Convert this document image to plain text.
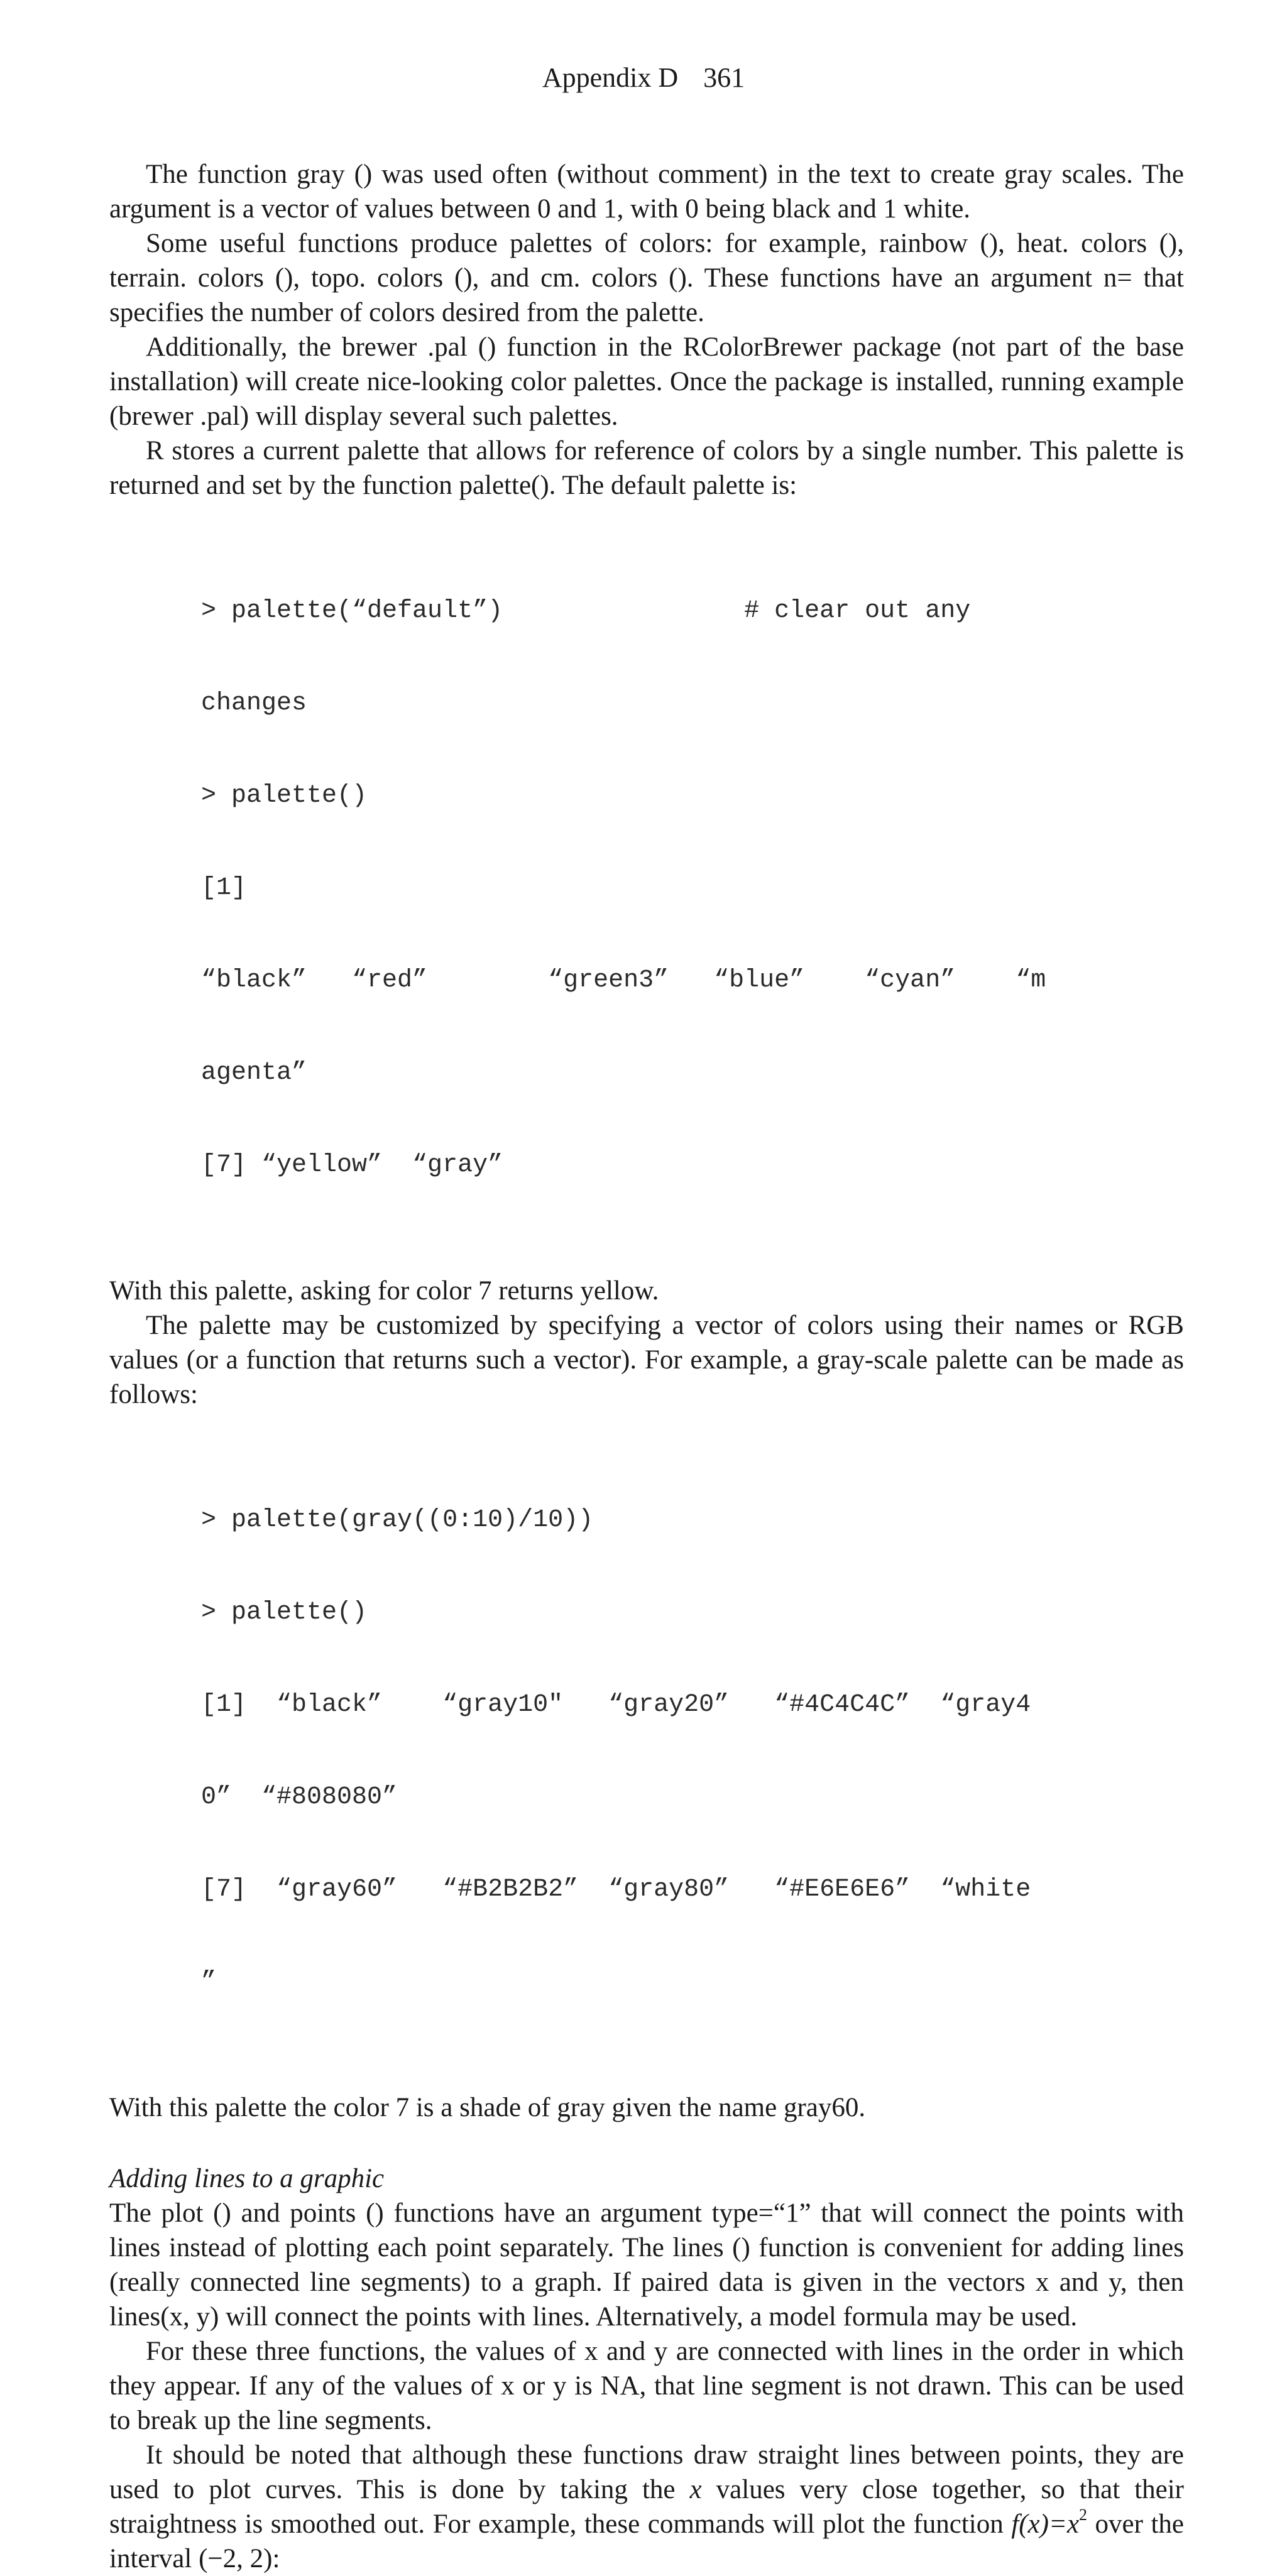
Appendix D 361

The function gray () was used often (without comment) in the text to create gray scales. The argument is a vector of values between 0 and 1, with 0 being black and 1 white.

Some useful functions produce palettes of colors: for example, rainbow (), heat. colors (), terrain. colors (), topo. colors (), and cm. colors (). These functions have an argument n= that specifies the number of colors desired from the palette.

Additionally, the brewer .pal () function in the RColorBrewer package (not part of the base installation) will create nice-looking color palettes. Once the package is installed, running example (brewer .pal) will display several such palettes.

R stores a current palette that allows for reference of colors by a single number. This palette is returned and set by the function palette(). The default palette is:

> palette(“default”)                # clear out any

changes

> palette()

[1]

“black”   “red”        “green3”   “blue”    “cyan”    “m

agenta”

[7] “yellow”  “gray”

With this palette, asking for color 7 returns yellow.

The palette may be customized by specifying a vector of colors using their names or RGB values (or a function that returns such a vector). For example, a gray-scale palette can be made as follows:

> palette(gray((0:10)/10))

> palette()

[1]  “black”    “gray10"   “gray20”   “#4C4C4C”  “gray4

0”  “#808080”

[7]  “gray60”   “#B2B2B2”  “gray80”   “#E6E6E6”  “white

”

With this palette the color 7 is a shade of gray given the name gray60.

Adding lines to a graphic

The plot () and points () functions have an argument type=“1” that will connect the points with lines instead of plotting each point separately. The lines () function is convenient for adding lines (really connected line segments) to a graph. If paired data is given in the vectors x and y, then lines(x, y) will connect the points with lines. Alternatively, a model formula may be used.

For these three functions, the values of x and y are connected with lines in the order in which they appear. If any of the values of x or y is NA, that line segment is not drawn. This can be used to break up the line segments.

It should be noted that although these functions draw straight lines between points, they are used to plot curves. This is done by taking the x values very close together, so that their straightness is smoothed out. For example, these commands will plot the function $f(x)=x^2$ over the interval (−2, 2):
